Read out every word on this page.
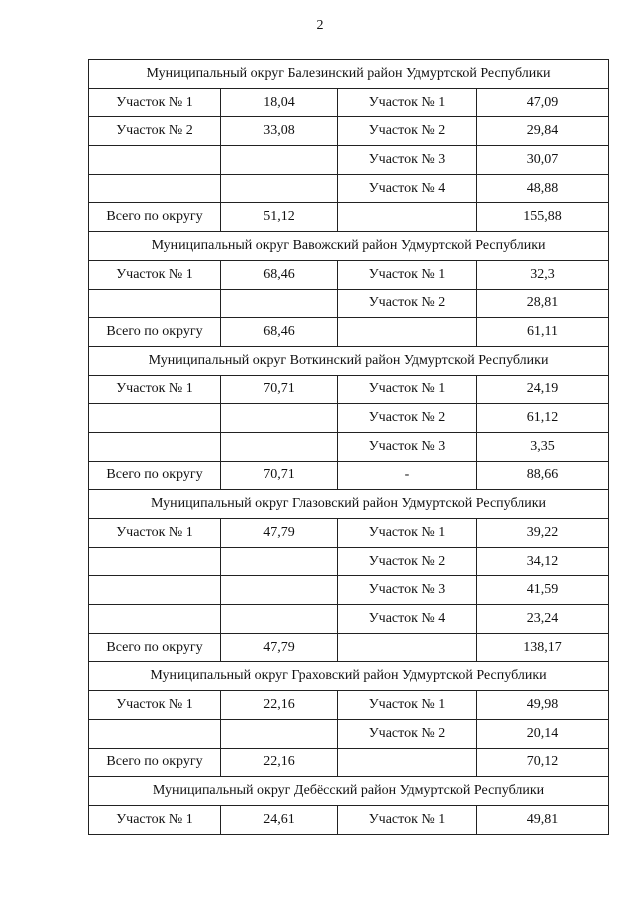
2
Муниципальный округ Балезинский район Удмуртской Республики			
Участок № 1	18,04	Участок № 1	47,09
Участок № 2	33,08	Участок № 2	29,84
		Участок № 3	30,07
		Участок № 4	48,88
Всего по округу	51,12		155,88
Муниципальный округ Вавожский район Удмуртской Республики			
Участок № 1	68,46	Участок № 1	32,3
		Участок № 2	28,81
Всего по округу	68,46		61,11
Муниципальный округ Воткинский район Удмуртской Республики			
Участок № 1	70,71	Участок № 1	24,19
		Участок № 2	61,12
		Участок № 3	3,35
Всего по округу	70,71	-	88,66
Муниципальный округ Глазовский район Удмуртской Республики			
Участок № 1	47,79	Участок № 1	39,22
		Участок № 2	34,12
		Участок № 3	41,59
		Участок № 4	23,24
Всего по округу	47,79		138,17
Муниципальный округ Граховский район Удмуртской Республики			
Участок № 1	22,16	Участок № 1	49,98
		Участок № 2	20,14
Всего по округу	22,16		70,12
Муниципальный округ Дебёсский район Удмуртской Республики			
Участок № 1	24,61	Участок № 1	49,81
